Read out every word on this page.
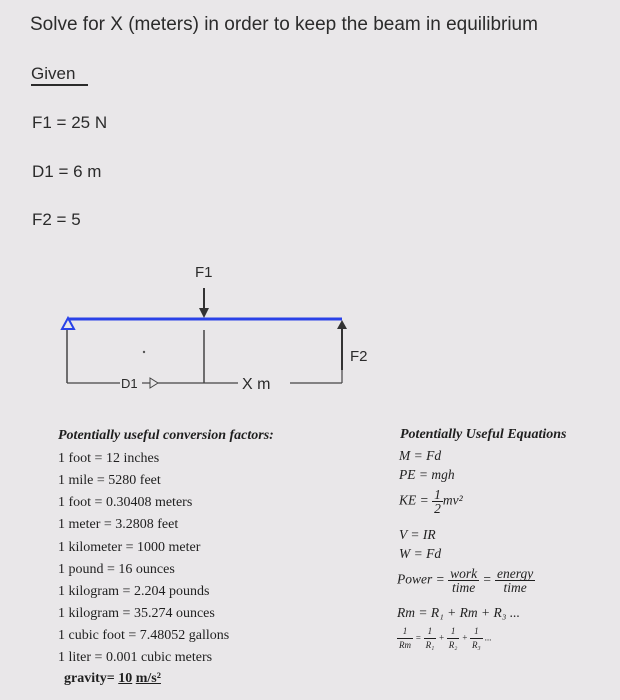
Solve for X (meters) in order to keep the beam in equilibrium
Given
F1 = 25 N
D1 = 6 m
F2 = 5
F1
F2
D1	X m
Potentially useful conversion factors:
1 foot = 12 inches
1 mile = 5280 feet
1 foot = 0.30408 meters
1 meter = 3.2808 feet
1 kilometer = 1000 meter
1 pound = 16 ounces
1 kilogram = 2.204 pounds
1 kilogram = 35.274 ounces
1 cubic foot = 7.48052 gallons
1 liter = 0.001 cubic meters
gravity= 10 m/s²
Potentially Useful Equations
M = Fd
PE = mgh
KE = $\frac{1}{2} mv^2$
V = IR
W = Fd
Power = $\frac{\text{work}}{\text{time}} = \frac{\text{energy}}{\text{time}}$
Rт = R₁ + Rт + R₃ ...
$\frac{1}{Rт} = \frac{1}{\text{R₁}} + \frac{1}{\text{R₂}} + \frac{1}{\text{R₃}}$ ...
